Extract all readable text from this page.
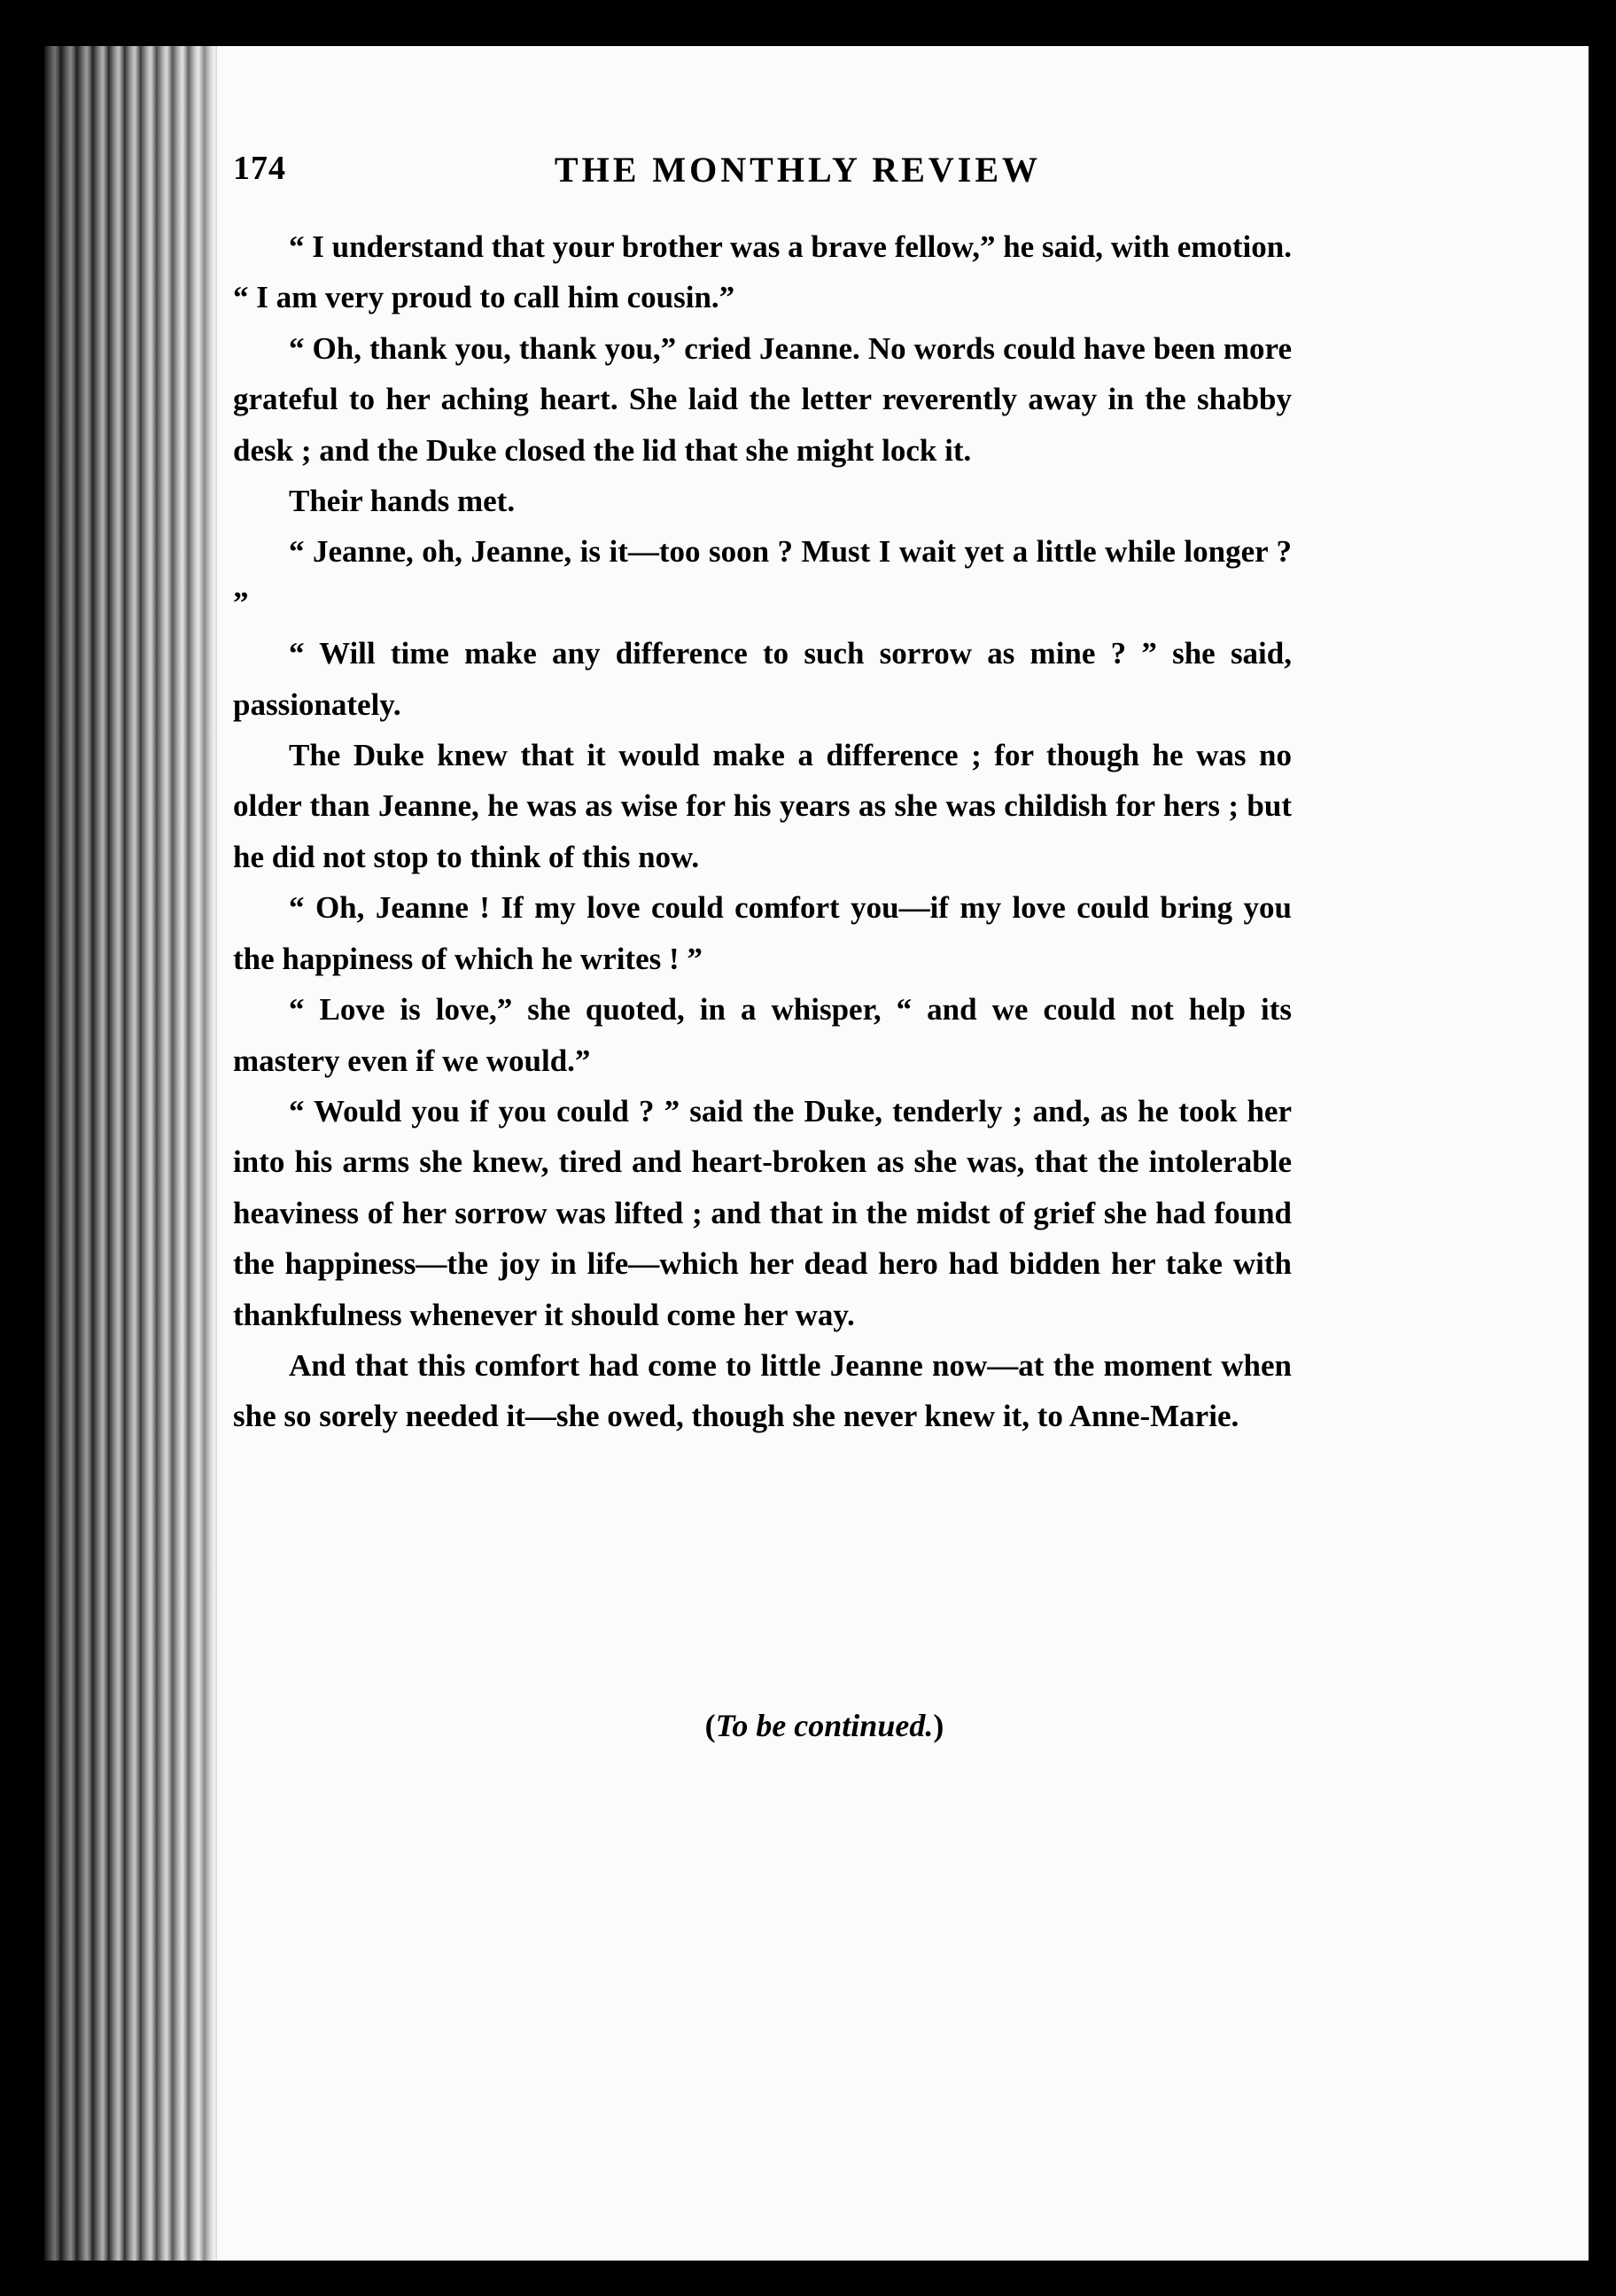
174	THE MONTHLY REVIEW

“ I understand that your brother was a brave fellow,” he said, with emotion. “ I am very proud to call him cousin.”

“ Oh, thank you, thank you,” cried Jeanne. No words could have been more grateful to her aching heart. She laid the letter reverently away in the shabby desk ; and the Duke closed the lid that she might lock it.

Their hands met.

“ Jeanne, oh, Jeanne, is it—too soon ? Must I wait yet a little while longer ? ”

“ Will time make any difference to such sorrow as mine ? ” she said, passionately.

The Duke knew that it would make a difference ; for though he was no older than Jeanne, he was as wise for his years as she was childish for hers ; but he did not stop to think of this now.

“ Oh, Jeanne ! If my love could comfort you—if my love could bring you the happiness of which he writes ! ”

“ Love is love,” she quoted, in a whisper, “ and we could not help its mastery even if we would.”

“ Would you if you could ? ” said the Duke, tenderly ; and, as he took her into his arms she knew, tired and heart-broken as she was, that the intolerable heaviness of her sorrow was lifted ; and that in the midst of grief she had found the happiness—the joy in life—which her dead hero had bidden her take with thankfulness whenever it should come her way.

And that this comfort had come to little Jeanne now—at the moment when she so sorely needed it—she owed, though she never knew it, to Anne-Marie.

(To be continued.)
